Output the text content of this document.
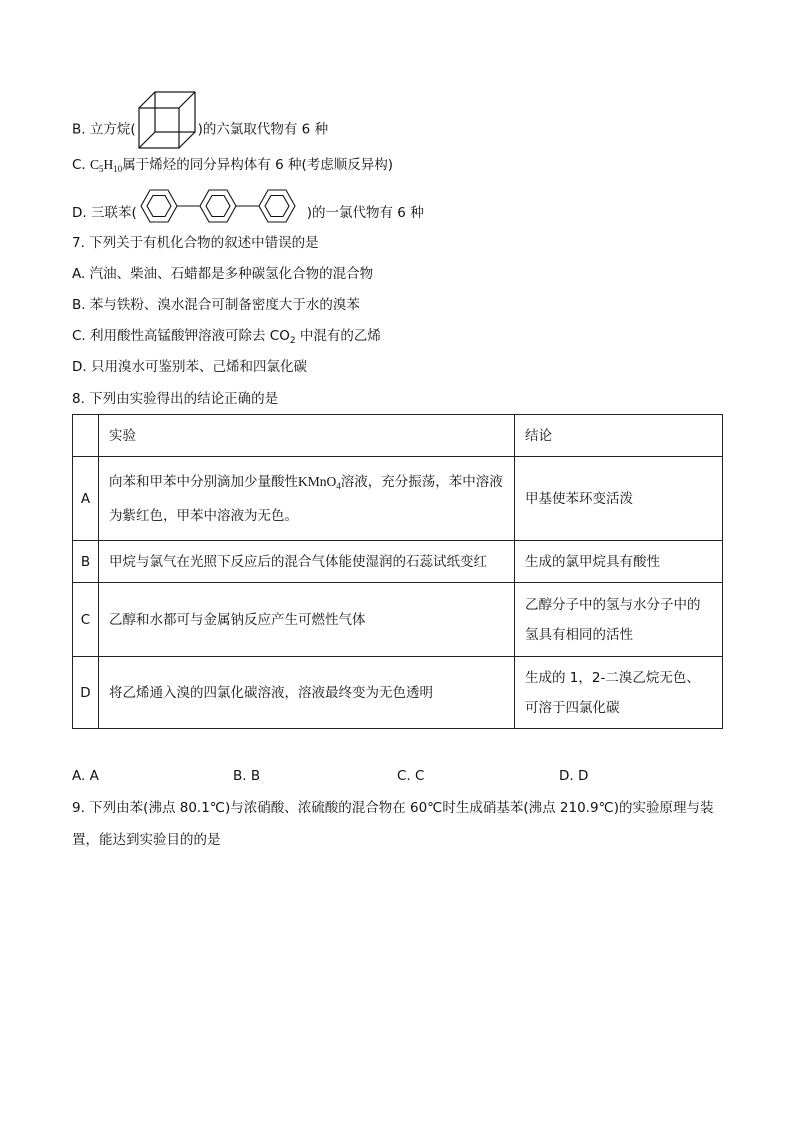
B. 立方烷(	)的六氯取代物有 6 种
C. $C_5H_{10}$属于烯烃的同分异构体有 6 种(考虑顺反异构)
D. 三联苯(	)的一氯代物有 6 种
7. 下列关于有机化合物的叙述中错误的是
A. 汽油、柴油、石蜡都是多种碳氢化合物的混合物
B. 苯与铁粉、溴水混合可制备密度大于水的溴苯
C. 利用酸性高锰酸钾溶液可除去 $CO_2$ 中混有的乙烯
D. 只用溴水可鉴别苯、己烯和四氯化碳
8. 下列由实验得出的结论正确的是
	实验	结论
A	向苯和甲苯中分别滴加少量酸性KMnO$_4$溶液，充分振荡，苯中溶液为紫红色，甲苯中溶液为无色。	甲基使苯环变活泼
B	甲烷与氯气在光照下反应后的混合气体能使湿润的石蕊试纸变红	生成的氯甲烷具有酸性
C	乙醇和水都可与金属钠反应产生可燃性气体	乙醇分子中的氢与水分子中的氢具有相同的活性
D	将乙烯通入溴的四氯化碳溶液，溶液最终变为无色透明	生成的 1，2-二溴乙烷无色、可溶于四氯化碳
A. A	B. B	C. C	D. D
9. 下列由苯(沸点 80.1℃)与浓硝酸、浓硫酸的混合物在 60℃时生成硝基苯(沸点 210.9℃)的实验原理与装
置，能达到实验目的的是
